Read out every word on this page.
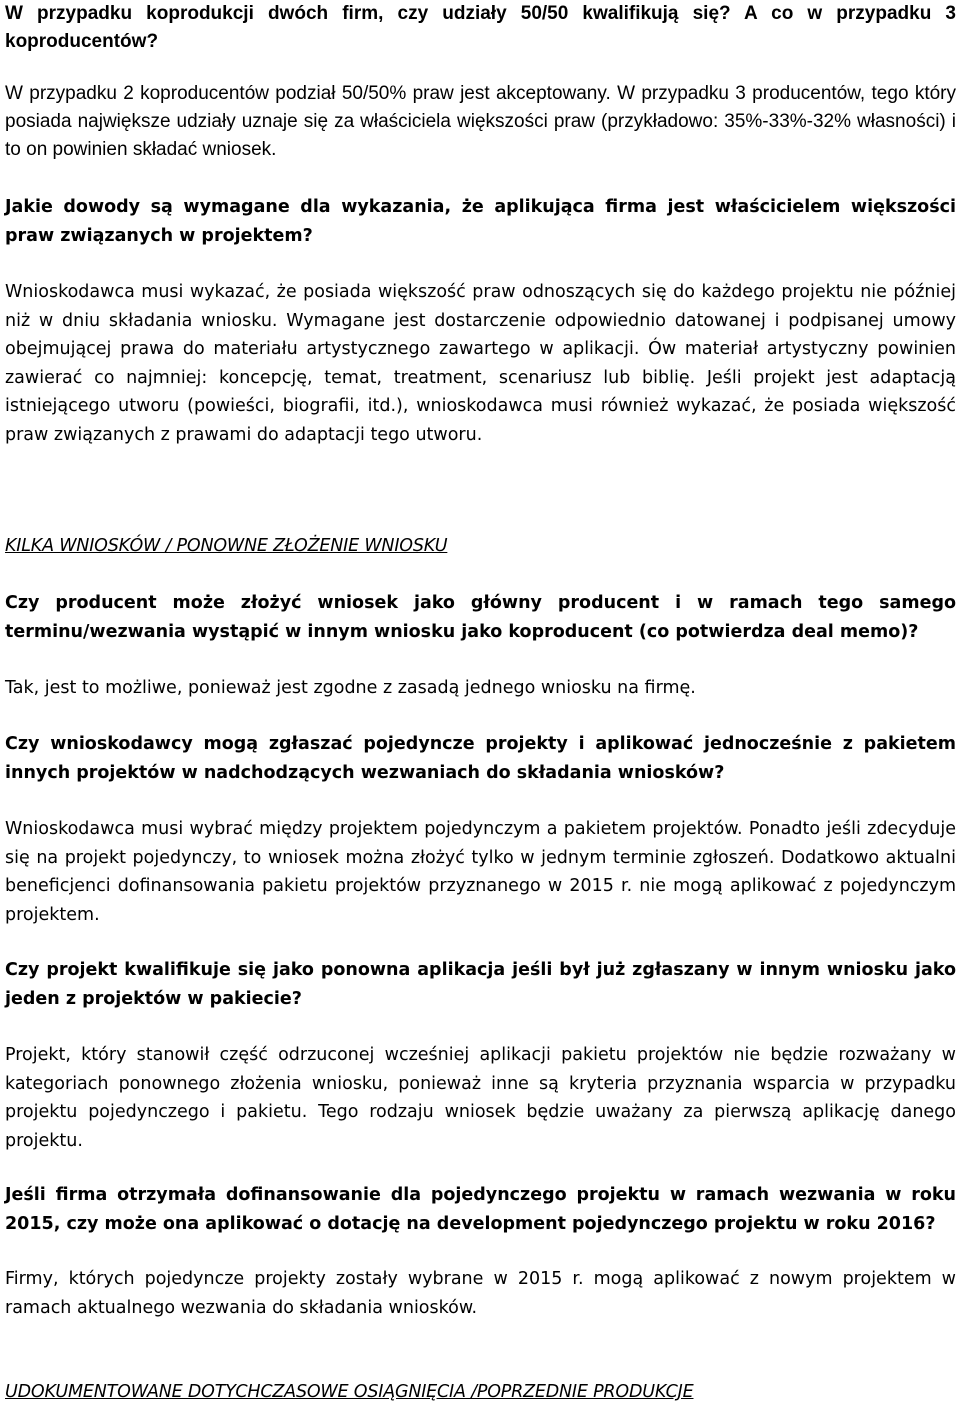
W przypadku koprodukcji dwóch firm, czy udziały 50/50 kwalifikują się? A co w przypadku 3 koproducentów?

W przypadku 2 koproducentów podział 50/50% praw jest akceptowany. W przypadku 3 producentów, tego który posiada największe udziały uznaje się za właściciela większości praw (przykładowo: 35%-33%-32% własności) i to on powinien składać wniosek.

Jakie dowody są wymagane dla wykazania, że aplikująca firma jest właścicielem większości praw związanych w projektem?

Wnioskodawca musi wykazać, że posiada większość praw odnoszących się do każdego projektu nie później niż w dniu składania wniosku. Wymagane jest dostarczenie odpowiednio datowanej i podpisanej umowy obejmującej prawa do materiału artystycznego zawartego w aplikacji. Ów materiał artystyczny powinien zawierać co najmniej: koncepcję, temat, treatment, scenariusz lub biblię. Jeśli projekt jest adaptacją istniejącego utworu (powieści, biografii, itd.), wnioskodawca musi również wykazać, że posiada większość praw związanych z prawami do adaptacji tego utworu.

KILKA WNIOSKÓW / PONOWNE ZŁOŻENIE WNIOSKU

Czy producent może złożyć wniosek jako główny producent i w ramach tego samego terminu/wezwania wystąpić w innym wniosku jako koproducent (co potwierdza deal memo)?

Tak, jest to możliwe, ponieważ jest zgodne z zasadą jednego wniosku na firmę.

Czy wnioskodawcy mogą zgłaszać pojedyncze projekty i aplikować jednocześnie z pakietem innych projektów w nadchodzących wezwaniach do składania wniosków?

Wnioskodawca musi wybrać między projektem pojedynczym a pakietem projektów. Ponadto jeśli zdecyduje się na projekt pojedynczy, to wniosek można złożyć tylko w jednym terminie zgłoszeń. Dodatkowo aktualni beneficjenci dofinansowania pakietu projektów przyznanego w 2015 r. nie mogą aplikować z pojedynczym projektem.

Czy projekt kwalifikuje się jako ponowna aplikacja jeśli był już zgłaszany w innym wniosku jako jeden z projektów w pakiecie?

Projekt, który stanowił część odrzuconej wcześniej aplikacji pakietu projektów nie będzie rozważany w kategoriach ponownego złożenia wniosku, ponieważ inne są kryteria przyznania wsparcia w przypadku projektu pojedynczego i pakietu. Tego rodzaju wniosek będzie uważany za pierwszą aplikację danego projektu.

Jeśli firma otrzymała dofinansowanie dla pojedynczego projektu w ramach wezwania w roku 2015, czy może ona aplikować o dotację na development pojedynczego projektu w roku 2016?

Firmy, których pojedyncze projekty zostały wybrane w 2015 r. mogą aplikować z nowym projektem w ramach aktualnego wezwania do składania wniosków.

UDOKUMENTOWANE DOTYCHCZASOWE OSIĄGNIĘCIA /POPRZEDNIE PRODUKCJE
